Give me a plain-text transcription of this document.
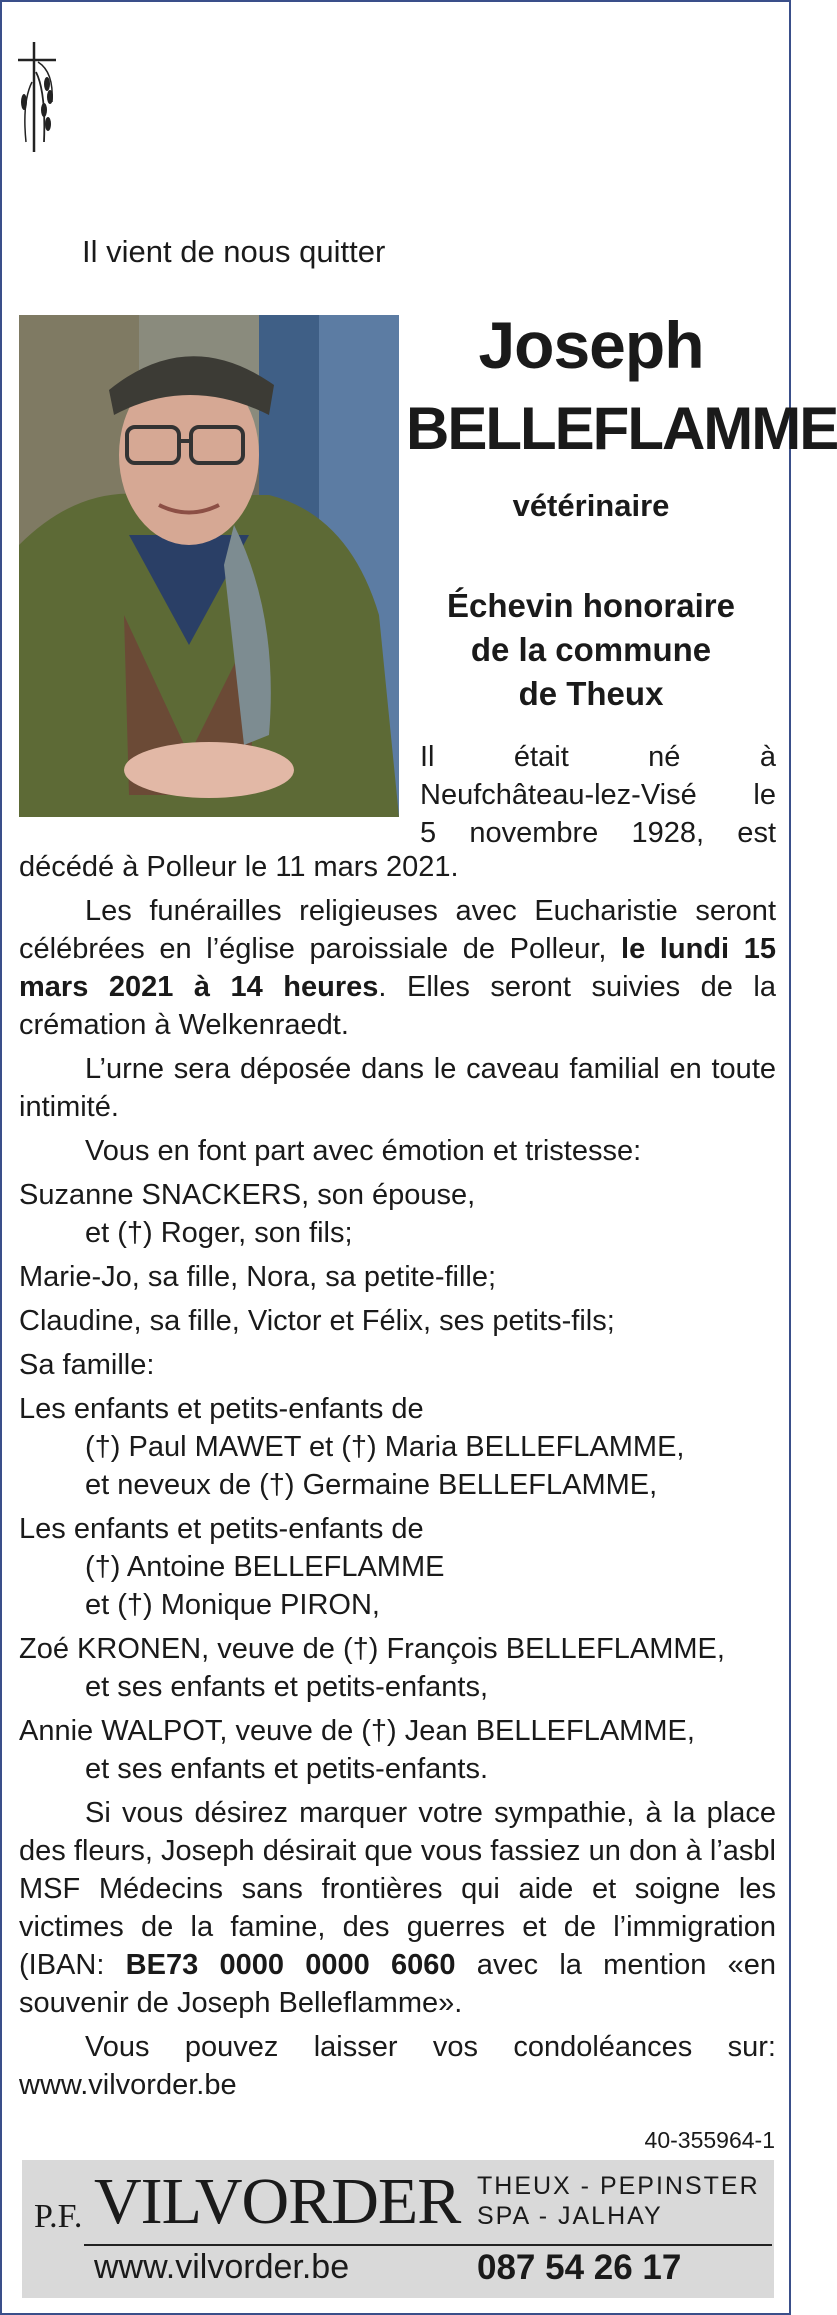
Il vient de nous quitter
Joseph
BELLEFLAMME
vétérinaire
Échevin honoraire
de la commune
de Theux
Il était né à
Neufchâteau-lez-Visé le
5 novembre 1928, est
décédé à Polleur le 11 mars 2021.
Les funérailles religieuses avec Eucharistie seront célébrées en l’église paroissiale de Polleur, le lundi 15 mars 2021 à 14 heures. Elles seront suivies de la crémation à Welkenraedt.
L’urne sera déposée dans le caveau familial en toute intimité.
Vous en font part avec émotion et tristesse:
Suzanne SNACKERS, son épouse,
et (†) Roger, son fils;
Marie-Jo, sa fille, Nora, sa petite-fille;
Claudine, sa fille, Victor et Félix, ses petits-fils;
Sa famille:
Les enfants et petits-enfants de
(†) Paul MAWET et (†) Maria BELLEFLAMME,
et neveux de (†) Germaine BELLEFLAMME,
Les enfants et petits-enfants de
(†) Antoine BELLEFLAMME
et (†) Monique PIRON,
Zoé KRONEN, veuve de (†) François BELLEFLAMME,
et ses enfants et petits-enfants,
Annie WALPOT, veuve de (†) Jean BELLEFLAMME,
et ses enfants et petits-enfants.
Si vous désirez marquer votre sympathie, à la place des fleurs, Joseph désirait que vous fassiez un don à l’asbl MSF Médecins sans frontières qui aide et soigne les victimes de la famine, des guerres et de l’immigration (IBAN: BE73 0000 0000 6060 avec la mention «en souvenir de Joseph Belleflamme».
Vous pouvez laisser vos condoléances sur: www.vilvorder.be
40-355964-1
P.F. VILVORDER THEUX - PEPINSTER
SPA - JALHAY
www.vilvorder.be	087 54 26 17
